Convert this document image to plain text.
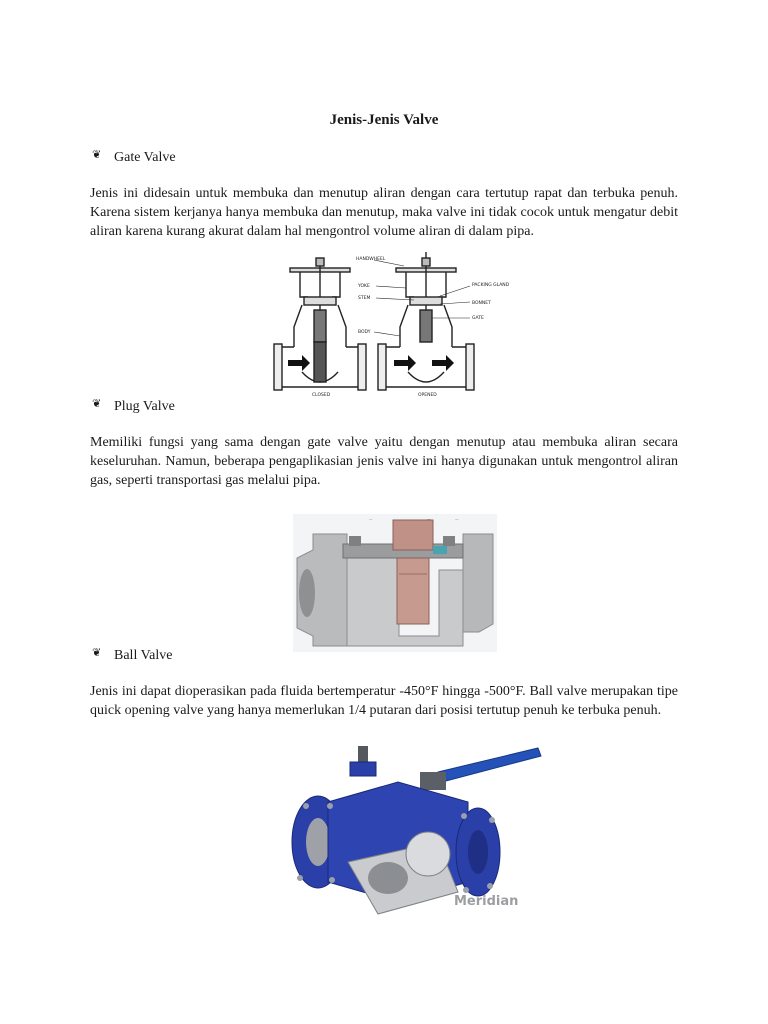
Jenis-Jenis Valve
❦ Gate Valve
Jenis ini didesain untuk membuka dan menutup aliran dengan cara tertutup rapat dan terbuka penuh. Karena sistem kerjanya hanya membuka dan menutup, maka valve ini tidak cocok untuk mengatur debit aliran karena kurang akurat dalam hal mengontrol volume aliran di dalam pipa.
HANDWHEEL
YOKE
STEM
BODY
PACKING GLAND
BONNET
GATE
CLOSED	OPENED
❦ Plug Valve
Memiliki fungsi yang sama dengan gate valve yaitu dengan menutup atau membuka aliran secara keseluruhan. Namun, beberapa pengaplikasian jenis valve ini hanya digunakan untuk mengontrol aliran gas, seperti transportasi gas melalui pipa.
—	—	—
❦ Ball Valve
Jenis ini dapat dioperasikan pada fluida bertemperatur -450°F hingga -500°F. Ball valve merupakan tipe quick opening valve yang hanya memerlukan 1/4 putaran dari posisi tertutup penuh ke terbuka penuh.
Meridian
